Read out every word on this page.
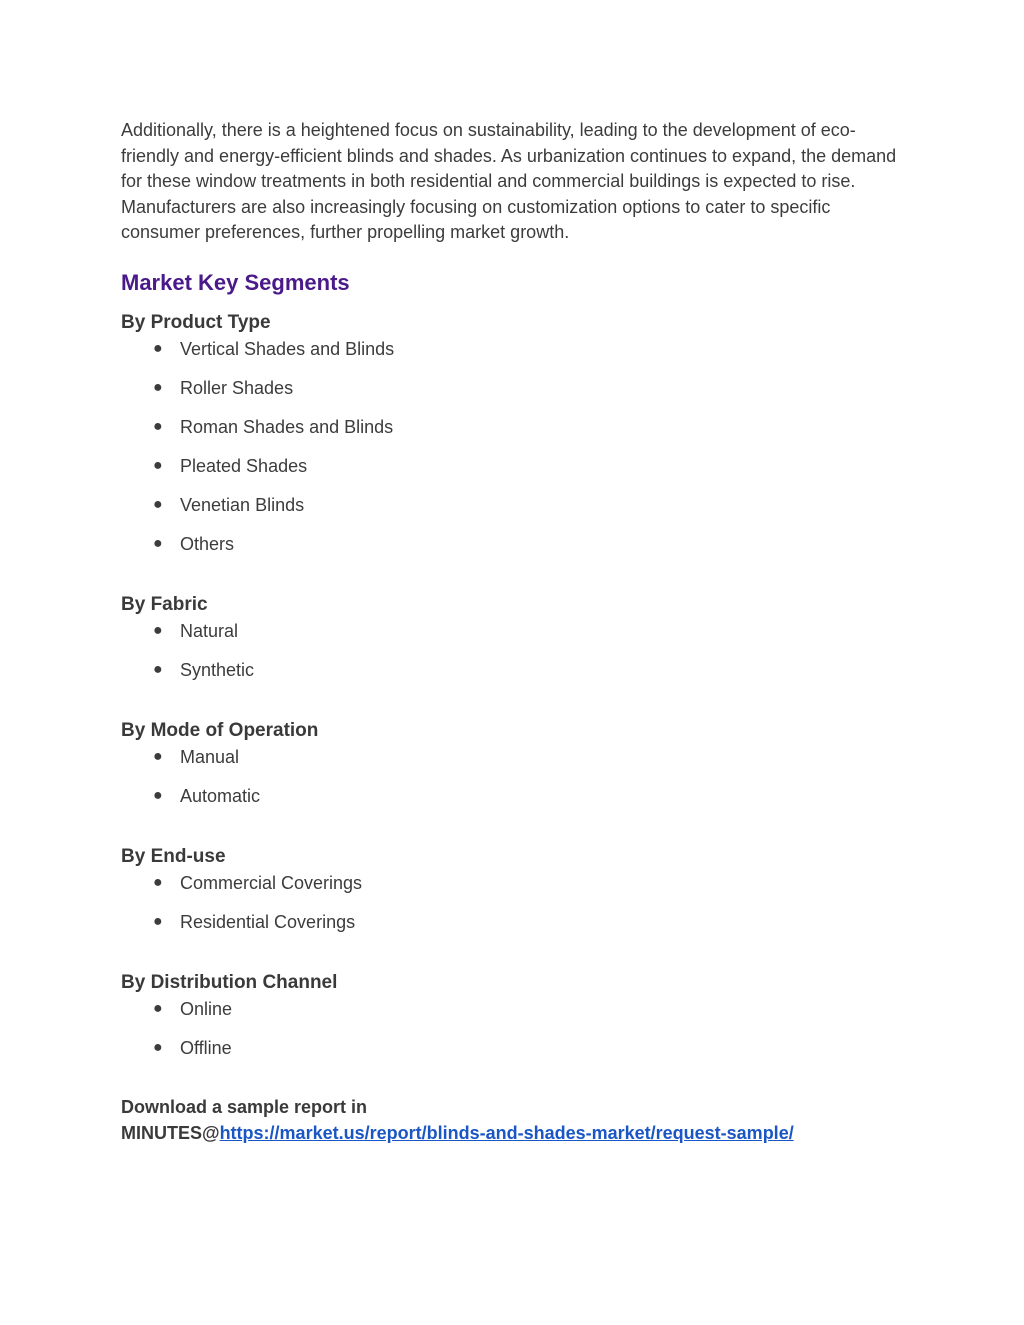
Additionally, there is a heightened focus on sustainability, leading to the development of eco-friendly and energy-efficient blinds and shades. As urbanization continues to expand, the demand for these window treatments in both residential and commercial buildings is expected to rise. Manufacturers are also increasingly focusing on customization options to cater to specific consumer preferences, further propelling market growth.

Market Key Segments
By Product Type
● Vertical Shades and Blinds
● Roller Shades
● Roman Shades and Blinds
● Pleated Shades
● Venetian Blinds
● Others
By Fabric
● Natural
● Synthetic
By Mode of Operation
● Manual
● Automatic
By End-use
● Commercial Coverings
● Residential Coverings
By Distribution Channel
● Online
● Offline

Download a sample report in
MINUTES@https://market.us/report/blinds-and-shades-market/request-sample/
